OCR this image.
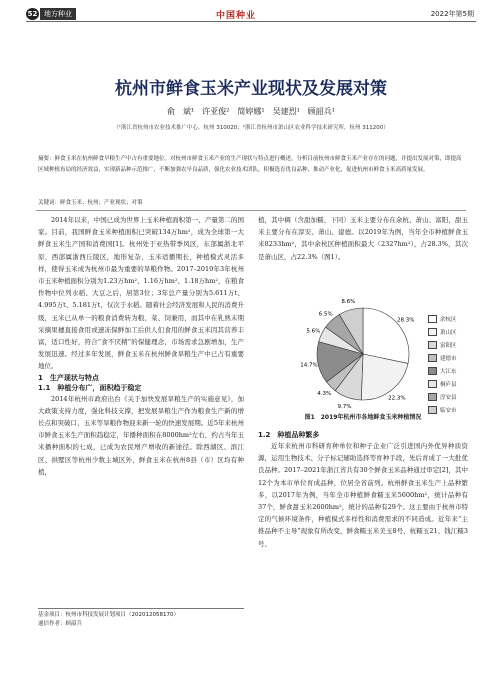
52 地方种业	中国种业	2022年第5期
杭州市鲜食玉米产业现状及发展对策
俞　斌¹　许亚俊²　简婷娜¹　吴建烈¹　顾韶兵¹
（¹浙江省杭州市农业技术推广中心，杭州 310020；²浙江省杭州市萧山区农业科学技术研究所，杭州 311200）
摘要：鲜食玉米在杭州鲜食旱粮生产中占有重要地位。对杭州市鲜食玉米产业的生产现状与特点进行概述，分析目前杭州市鲜食玉米产业存在的问题，并提出发展对策，即提高区域种植布局的经济效益，实现新品种示范推广，不断加强农旱良品质，强化农业技术团队，积极选育优良品种，推动产业化，促进杭州市鲜食玉米高质量发展。
关键词：鲜食玉米；杭州；产业现状；对策

2014年以来，中国已成为世界上玉米种植面积第一、产量第二的国家。目前，我国鲜食玉米种植面积已突破134万hm²，成为全球第一大鲜食玉米生产国和消费国[1]。杭州处于亚热带季风区，东部属浙北平原，西部属浙西丘陵区，地形复杂，玉米适播期长，种植模式灵活多样，使得玉米成为杭州市最为重要的旱粮作物。2017–2019年3年杭州市玉米种植面积分别为1.23万hm²、1.16万hm²、1.18万hm²，在粮食作物中位列水稻、大豆之后，居第3位；3年总产量分别为5.611万t、4.995万t、5.181万t，仅次于水稻。随着社会经济发展和人民的消费升级，玉米已从单一的粮食消费转为粮、菜、饲兼用，而其中在乳熟末期采摘果穗直接食用或速冻保鲜加工后供人们食用的鲜食玉米因其营养丰富，适口性好，符合“食不厌精”的保健理念，市场需求急剧增加，生产发展迅速。经过多年发展，鲜食玉米在杭州鲜食旱粮生产中已占有重要地位。

1　生产现状与特点

1.1　种植分布广，面积趋于稳定

2014年杭州市政府出台《关于加快发展旱粮生产的实施意见》，加大政策支持力度，强化科技支撑，把发展旱粮生产作为粮食生产新的增长点和突破口，玉米等旱粮作物迎来新一轮的快速发展期。近5年来杭州市鲜食玉米生产面积趋稳定，年播种面积在8000hm²左右，约占当年玉米播种面积的七成，已成为农民增产增收的新途径。除西湖区、滨江区、拱墅区等杭州少数主城区外，鲜食玉米在杭州8县（市）区均有种植，

植，其中稠（含甜加糯、下同）玉米主要分布在余杭、萧山、富阳，甜玉米主要分布在淳安、萧山、建德。以2019年为例，当年全市种植鲜食玉米8233hm²，其中余杭区种植面积最大（2327hm²），占28.3%，其次是萧山区，占22.3%（图1）。

28.3%
22.3%
9.7%
4.3%
14.7%
5.6%
6.5%
8.6%
余杭区
萧山区
富阳区
建德市
大江东
桐庐县
淳安县
临安市
图1　2019年杭州市各地鲜食玉米种植情况

1.2　种植品种繁多

近年来杭州市科研育种单位和种子企业广泛引进国内外优异种质资源，运用生物技术、分子标记辅助选择等育种手段，先后育成了一大批优良品种。2017–2021年浙江省共有30个鲜食玉米品种通过审定[2]，其中12个为本市单位育成品种，位居全省前列。杭州鲜食玉米生产上品种繁多，以2017年为例，当年全市种植鲜食糯玉米5600hm²，统计品种有37个，鲜食甜玉米2600hm²，统计的品种有29个。这主要由于杭州市特定的气候环境条件，种植模式多样性和消费需求的不同造成。近年来“主推品种不主导”现象有所改变，鲜食糯玉米美玉8号、杭糯玉21、钱江糯3号、

基金项目：杭州市科技发展计划项目（202012058170）
通信作者：顾韶兵
